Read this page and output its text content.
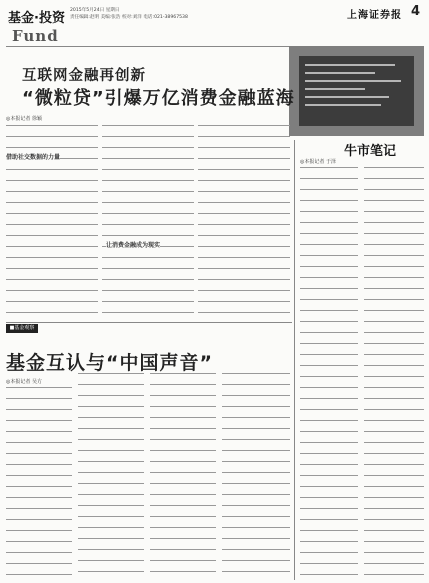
基金·投资
Fund
2015年5月24日 星期日
责任编辑:赵明 美编:张浩 校对:刘洋 电话:021-38967538	上海证券报 4
互联网金融再创新
“微粒贷”引爆万亿消费金融蓝海
◎本报记者 徐颖
借助社交数据的力量
让消费金融成为现实
牛市笔记
◎本报记者 于泽
■基金观察
基金互认与“中国声音”
◎本报记者 吴方
